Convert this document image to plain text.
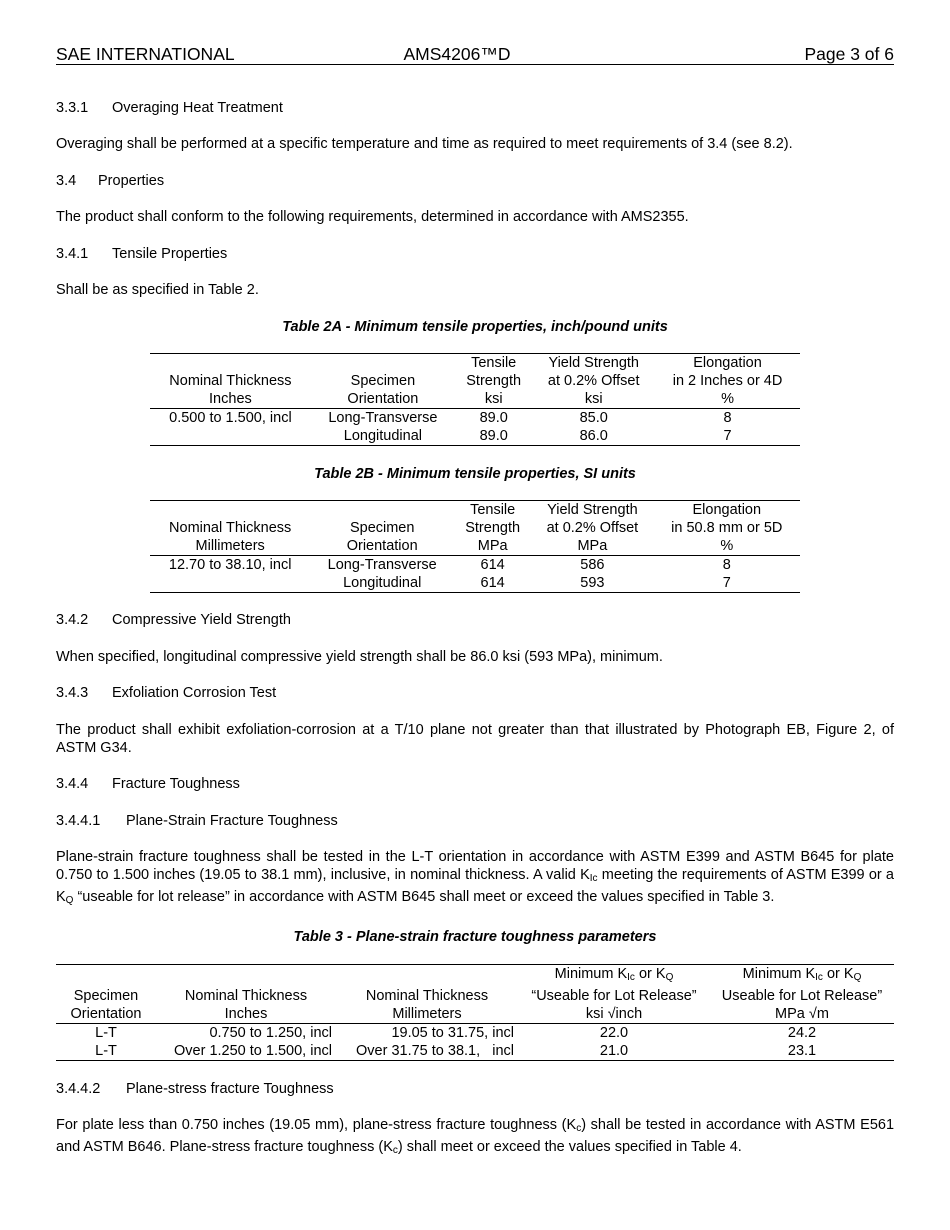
SAE INTERNATIONAL	AMS4206™D	Page 3 of 6

3.3.1 Overaging Heat Treatment

Overaging shall be performed at a specific temperature and time as required to meet requirements of 3.4 (see 8.2).

3.4 Properties

The product shall conform to the following requirements, determined in accordance with AMS2355.

3.4.1 Tensile Properties

Shall be as specified in Table 2.

Table 2A - Minimum tensile properties, inch/pound units

		Tensile	Yield Strength	Elongation
Nominal Thickness	Specimen	Strength	at 0.2% Offset	in 2 Inches or 4D
Inches	Orientation	ksi	ksi	%
0.500 to 1.500, incl	Long-Transverse	89.0	85.0	8
	Longitudinal	89.0	86.0	7

Table 2B - Minimum tensile properties, SI units

		Tensile	Yield Strength	Elongation
Nominal Thickness	Specimen	Strength	at 0.2% Offset	in 50.8 mm or 5D
Millimeters	Orientation	MPa	MPa	%
12.70 to 38.10, incl	Long-Transverse	614	586	8
	Longitudinal	614	593	7

3.4.2 Compressive Yield Strength

When specified, longitudinal compressive yield strength shall be 86.0 ksi (593 MPa), minimum.

3.4.3 Exfoliation Corrosion Test

The product shall exhibit exfoliation-corrosion at a T/10 plane not greater than that illustrated by Photograph EB, Figure 2, of ASTM G34.

3.4.4 Fracture Toughness

3.4.4.1 Plane-Strain Fracture Toughness

Plane-strain fracture toughness shall be tested in the L-T orientation in accordance with ASTM E399 and ASTM B645 for plate 0.750 to 1.500 inches (19.05 to 38.1 mm), inclusive, in nominal thickness. A valid $K_{Ic}$ meeting the requirements of ASTM E399 or a $K_Q$ “useable for lot release” in accordance with ASTM B645 shall meet or exceed the values specified in Table 3.

Table 3 - Plane-strain fracture toughness parameters

			Minimum $K_{Ic}$ or $K_Q$	Minimum $K_{Ic}$ or $K_Q$
Specimen	Nominal Thickness	Nominal Thickness	“Useable for Lot Release”	Useable for Lot Release”
Orientation	Inches	Millimeters	ksi √inch	MPa √m
L-T	0.750 to 1.250, incl	19.05 to 31.75, incl	22.0	24.2
L-T	Over 1.250 to 1.500, incl	Over 31.75 to 38.1,   incl	21.0	23.1

3.4.4.2 Plane-stress fracture Toughness

For plate less than 0.750 inches (19.05 mm), plane-stress fracture toughness $(K_c)$ shall be tested in accordance with ASTM E561 and ASTM B646. Plane-stress fracture toughness $(K_c)$ shall meet or exceed the values specified in Table 4.
